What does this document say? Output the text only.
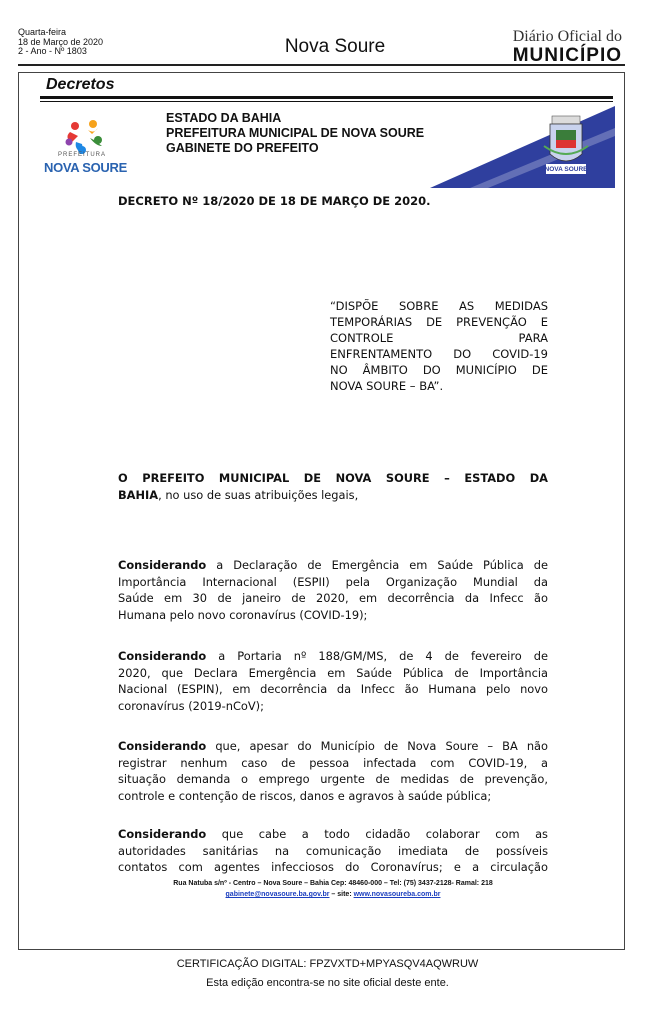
Quarta-feira
18 de Março de 2020
2 - Ano - Nº 1803	Nova Soure	Diário Oficial do
MUNICÍPIO
Decretos
PREFEITURA
NOVA SOURE
ESTADO DA BAHIA
PREFEITURA MUNICIPAL DE NOVA SOURE
GABINETE DO PREFEITO
NOVA SOURE
DECRETO Nº 18/2020 DE 18 DE MARÇO DE 2020.
“DISPÕE SOBRE AS MEDIDAS
TEMPORÁRIAS DE PREVENÇÃO E
CONTROLE PARA
ENFRENTAMENTO DO COVID-19
NO ÂMBITO DO MUNICÍPIO DE
NOVA SOURE – BA”.
O PREFEITO MUNICIPAL DE NOVA SOURE – ESTADO DA
BAHIA, no uso de suas atribuições legais,
Considerando a Declaração de Emergência em Saúde Pública de
Importância Internacional (ESPII) pela Organização Mundial da
Saúde em 30 de janeiro de 2020, em decorrência da Infecc ão
Humana pelo novo coronavírus (COVID-19);
Considerando a Portaria nº 188/GM/MS, de 4 de fevereiro de
2020, que Declara Emergência em Saúde Pública de Importância
Nacional (ESPIN), em decorrência da Infecc ão Humana pelo novo
coronavírus (2019-nCoV);
Considerando que, apesar do Município de Nova Soure – BA não
registrar nenhum caso de pessoa infectada com COVID-19, a
situação demanda o emprego urgente de medidas de prevenção,
controle e contenção de riscos, danos e agravos à saúde pública;
Considerando que cabe a todo cidadão colaborar com as
autoridades sanitárias na comunicação imediata de possíveis
contatos com agentes infecciosos do Coronavírus; e a circulação
Rua Natuba s/nº - Centro – Nova Soure – Bahia Cep: 48460-000 – Tel: (75) 3437-2128- Ramal: 218
gabinete@novasoure.ba.gov.br – site: www.novasoureba.com.br
CERTIFICAÇÃO DIGITAL: FPZVXTD+MPYASQV4AQWRUW
Esta edição encontra-se no site oficial deste ente.
